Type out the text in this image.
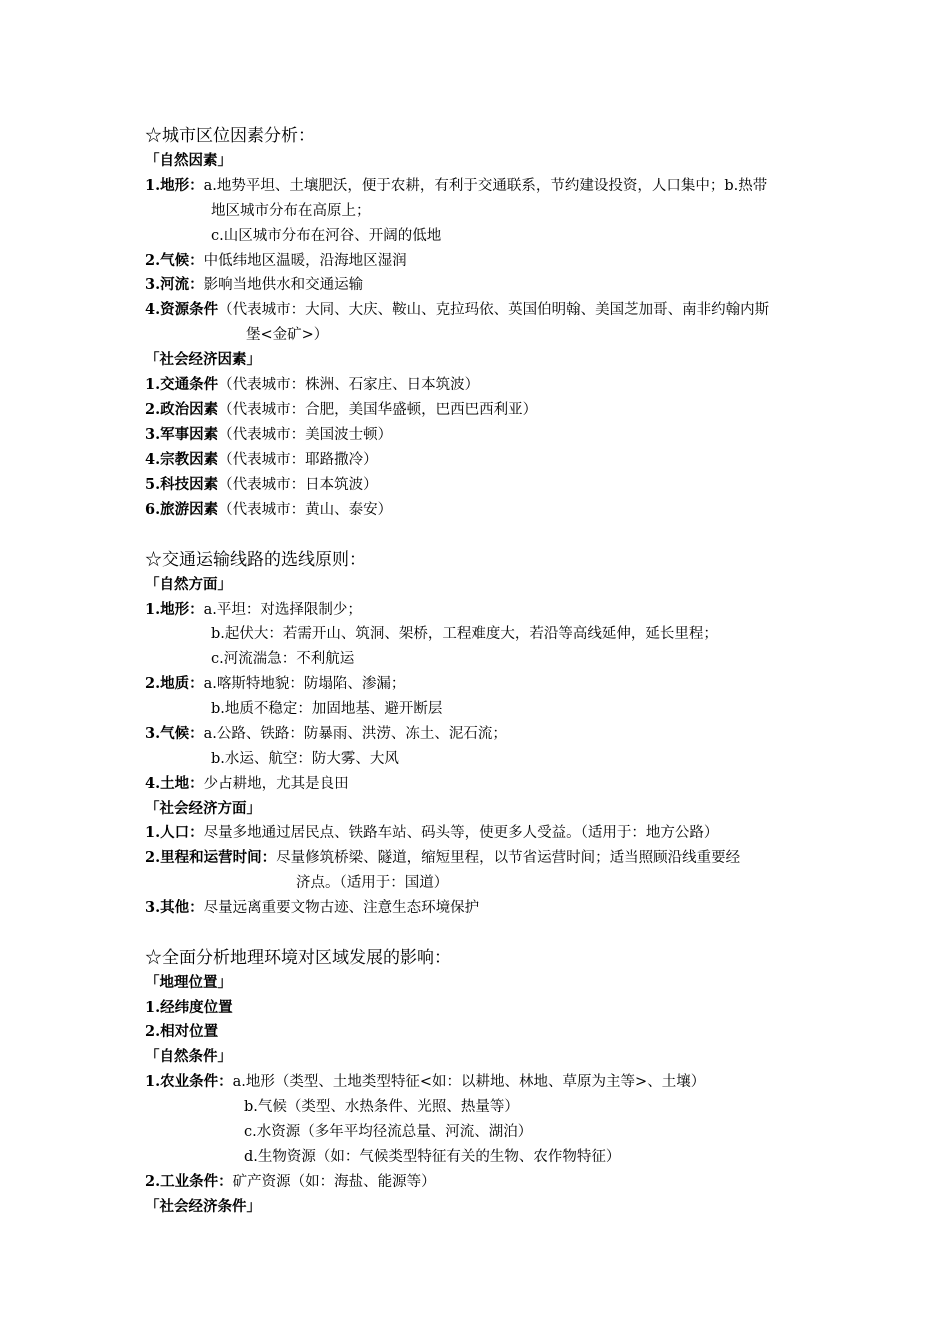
☆城市区位因素分析：
「自然因素」
1.地形：a.地势平坦、土壤肥沃，便于农耕，有利于交通联系，节约建设投资，人口集中；b.热带
地区城市分布在高原上；
c.山区城市分布在河谷、开阔的低地
2.气候：中低纬地区温暖，沿海地区湿润
3.河流：影响当地供水和交通运输
4.资源条件（代表城市：大同、大庆、鞍山、克拉玛依、英国伯明翰、美国芝加哥、南非约翰内斯
堡<金矿>）
「社会经济因素」
1.交通条件（代表城市：株洲、石家庄、日本筑波）
2.政治因素（代表城市：合肥，美国华盛顿，巴西巴西利亚）
3.军事因素（代表城市：美国波士顿）
4.宗教因素（代表城市：耶路撒冷）
5.科技因素（代表城市：日本筑波）
6.旅游因素（代表城市：黄山、泰安）
☆交通运输线路的选线原则：
「自然方面」
1.地形：a.平坦：对选择限制少；
b.起伏大：若需开山、筑洞、架桥，工程难度大，若沿等高线延伸，延长里程；
c.河流湍急：不利航运
2.地质：a.喀斯特地貌：防塌陷、渗漏；
b.地质不稳定：加固地基、避开断层
3.气候：a.公路、铁路：防暴雨、洪涝、冻土、泥石流；
b.水运、航空：防大雾、大风
4.土地：少占耕地，尤其是良田
「社会经济方面」
1.人口：尽量多地通过居民点、铁路车站、码头等，使更多人受益。（适用于：地方公路）
2.里程和运营时间：尽量修筑桥梁、隧道，缩短里程，以节省运营时间；适当照顾沿线重要经
济点。（适用于：国道）
3.其他：尽量远离重要文物古迹、注意生态环境保护
☆全面分析地理环境对区域发展的影响：
「地理位置」
1.经纬度位置
2.相对位置
「自然条件」
1.农业条件：a.地形（类型、土地类型特征<如：以耕地、林地、草原为主等>、土壤）
b.气候（类型、水热条件、光照、热量等）
c.水资源（多年平均径流总量、河流、湖泊）
d.生物资源（如：气候类型特征有关的生物、农作物特征）
2.工业条件：矿产资源（如：海盐、能源等）
「社会经济条件」
